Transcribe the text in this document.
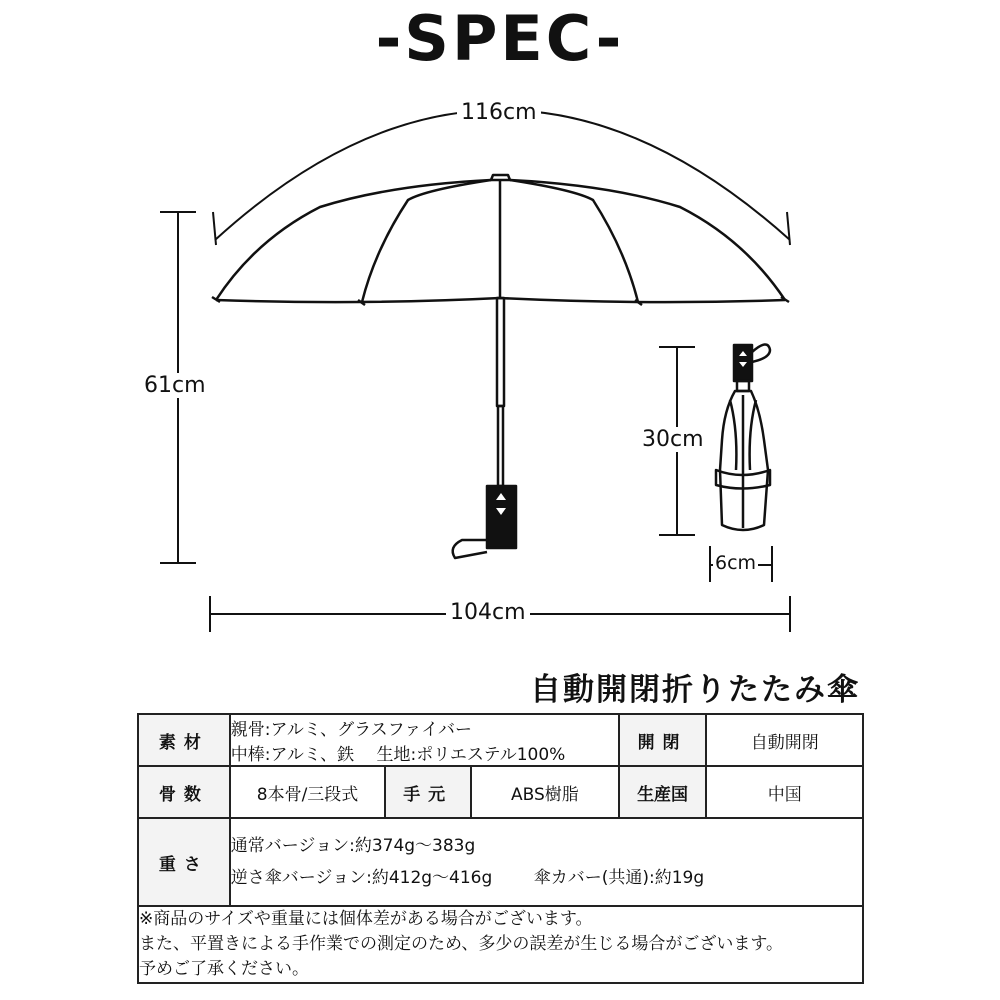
-SPEC-
116cm
61cm
104cm
30cm
6cm
自動開閉折りたたみ傘
素材	親骨:アルミ、グラスファイバー
中棒:アルミ、鉄　 生地:ポリエステル100%			開閉	自動開閉
骨数	8本骨/三段式	手元	ABS樹脂	生産国	中国
重さ	通常バージョン:約374g～383g
逆さ傘バージョン:約412g～416g 傘カバー(共通):約19g				

※商品のサイズや重量には個体差がある場合がございます。
また、平置きによる手作業での測定のため、多少の誤差が生じる場合がございます。
予めご了承ください。					
